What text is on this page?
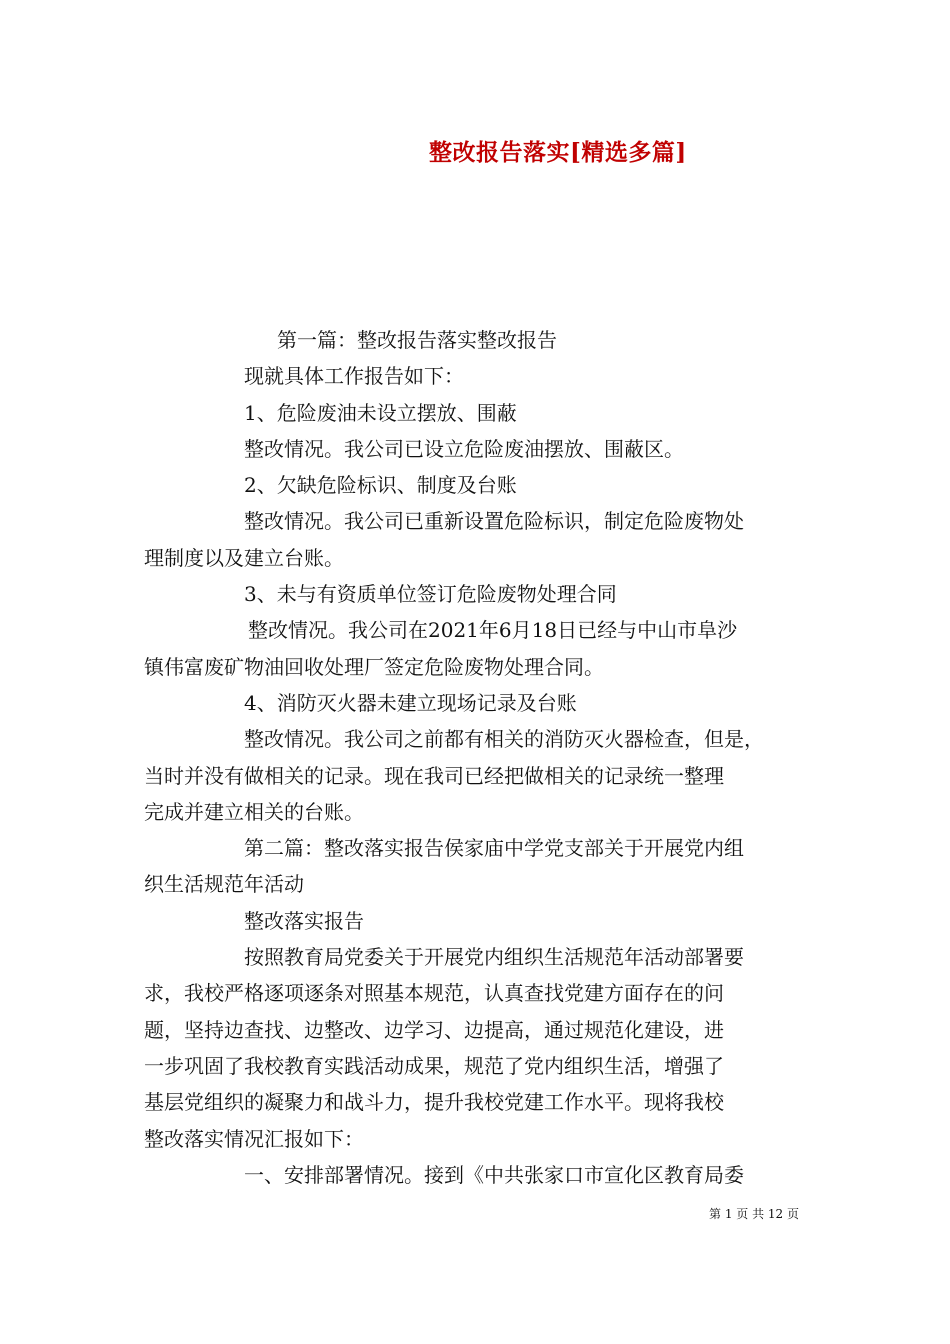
整改报告落实[精选多篇]
第一篇：整改报告落实整改报告
现就具体工作报告如下：
1、危险废油未设立摆放、围蔽
整改情况。我公司已设立危险废油摆放、围蔽区。
2、欠缺危险标识、制度及台账
整改情况。我公司已重新设置危险标识，制定危险废物处
理制度以及建立台账。
3、未与有资质单位签订危险废物处理合同
整改情况。我公司在2021年6月18日已经与中山市阜沙
镇伟富废矿物油回收处理厂签定危险废物处理合同。
4、消防灭火器未建立现场记录及台账
整改情况。我公司之前都有相关的消防灭火器检查，但是，
当时并没有做相关的记录。现在我司已经把做相关的记录统一整理
完成并建立相关的台账。
第二篇：整改落实报告侯家庙中学党支部关于开展党内组
织生活规范年活动
整改落实报告
按照教育局党委关于开展党内组织生活规范年活动部署要
求，我校严格逐项逐条对照基本规范，认真查找党建方面存在的问
题，坚持边查找、边整改、边学习、边提高，通过规范化建设，进
一步巩固了我校教育实践活动成果，规范了党内组织生活，增强了
基层党组织的凝聚力和战斗力，提升我校党建工作水平。现将我校
整改落实情况汇报如下：
一、安排部署情况。接到《中共张家口市宣化区教育局委
第 1 页 共 12 页
